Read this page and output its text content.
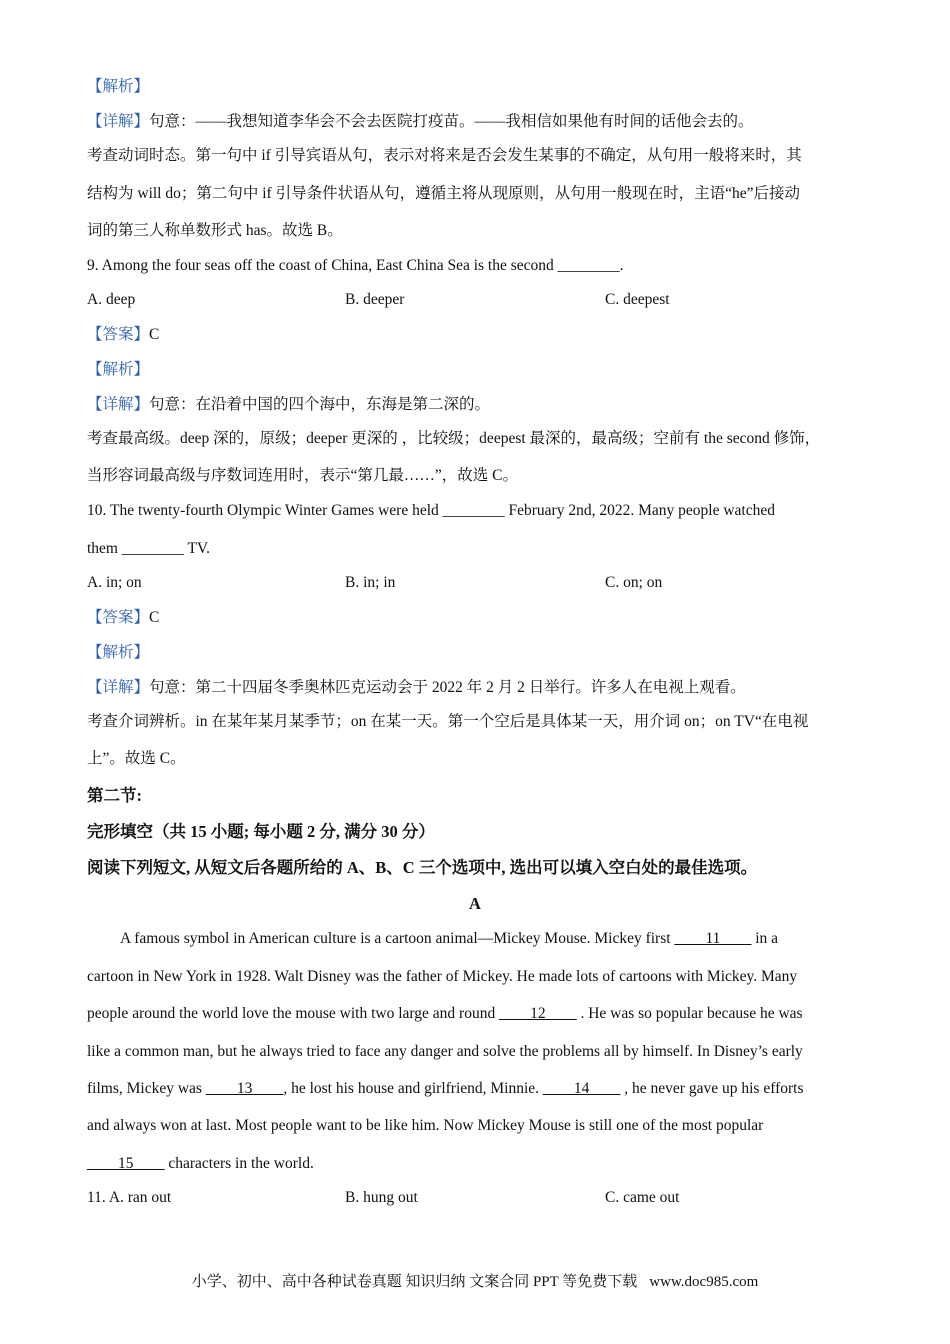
【解析】
【详解】句意：——我想知道李华会不会去医院打疫苗。——我相信如果他有时间的话他会去的。
考查动词时态。第一句中 if 引导宾语从句，表示对将来是否会发生某事的不确定，从句用一般将来时，其
结构为 will do；第二句中 if 引导条件状语从句，遵循主将从现原则，从句用一般现在时，主语“he”后接动
词的第三人称单数形式 has。故选 B。
9. Among the four seas off the coast of China, East China Sea is the second ________.
A. deep	B. deeper	C. deepest
【答案】C
【解析】
【详解】句意：在沿着中国的四个海中，东海是第二深的。
考查最高级。deep 深的，原级；deeper 更深的 ，比较级；deepest 最深的，最高级；空前有 the second 修饰，
当形容词最高级与序数词连用时，表示“第几最……”，故选 C。
10. The twenty-fourth Olympic Winter Games were held ________ February 2nd, 2022. Many people watched
them ________ TV.
A. in; on	B. in; in	C. on; on
【答案】C
【解析】
【详解】句意：第二十四届冬季奥林匹克运动会于 2022 年 2 月 2 日举行。许多人在电视上观看。
考查介词辨析。in 在某年某月某季节；on 在某一天。第一个空后是具体某一天，用介词 on；on TV“在电视
上”。故选 C。
第二节:
完形填空（共 15 小题; 每小题 2 分, 满分 30 分）
阅读下列短文, 从短文后各题所给的 A、B、C 三个选项中, 选出可以填入空白处的最佳选项。
A
A famous symbol in American culture is a cartoon animal—Mickey Mouse. Mickey first ____11____ in a
cartoon in New York in 1928. Walt Disney was the father of Mickey. He made lots of cartoons with Mickey. Many
people around the world love the mouse with two large and round ____12____ . He was so popular because he was
like a common man, but he always tried to face any danger and solve the problems all by himself. In Disney’s early
films, Mickey was ____13____, he lost his house and girlfriend, Minnie. ____14____ , he never gave up his efforts
and always won at last. Most people want to be like him. Now Mickey Mouse is still one of the most popular
____15____ characters in the world.
11. A. ran out	B. hung out	C. came out
小学、初中、高中各种试卷真题 知识归纳 文案合同 PPT 等免费下载 www.doc985.com
